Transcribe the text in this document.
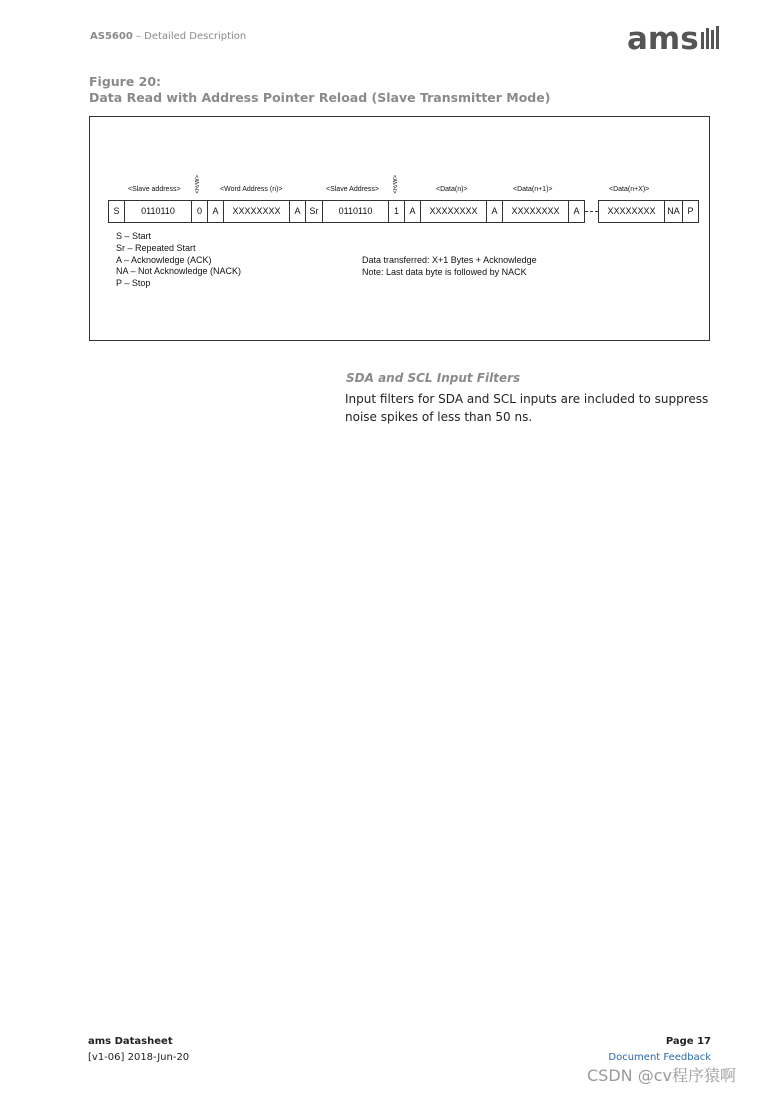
AS5600 – Detailed Description	ams
Figure 20:
Data Read with Address Pointer Reload (Slave Transmitter Mode)
<Slave address> <R/W>	<Word Address (n)>	<Slave Address> <R/W>	<Data(n)>	<Data(n+1)>	<Data(n+X)>
S	0110110	0	A	XXXXXXXX	A	Sr	0110110	1	A	XXXXXXXX	A	XXXXXXXX	A	XXXXXXXX	NA P
S – Start
Sr – Repeated Start
A – Acknowledge (ACK)
NA – Not Acknowledge (NACK)
P – Stop
Data transferred: X+1 Bytes + Acknowledge
Note: Last data byte is followed by NACK
SDA and SCL Input Filters
Input filters for SDA and SCL inputs are included to suppress noise spikes of less than 50 ns.
ams Datasheet
[v1-06] 2018-Jun-20
Page 17
Document Feedback
CSDN @cv程序猿啊
